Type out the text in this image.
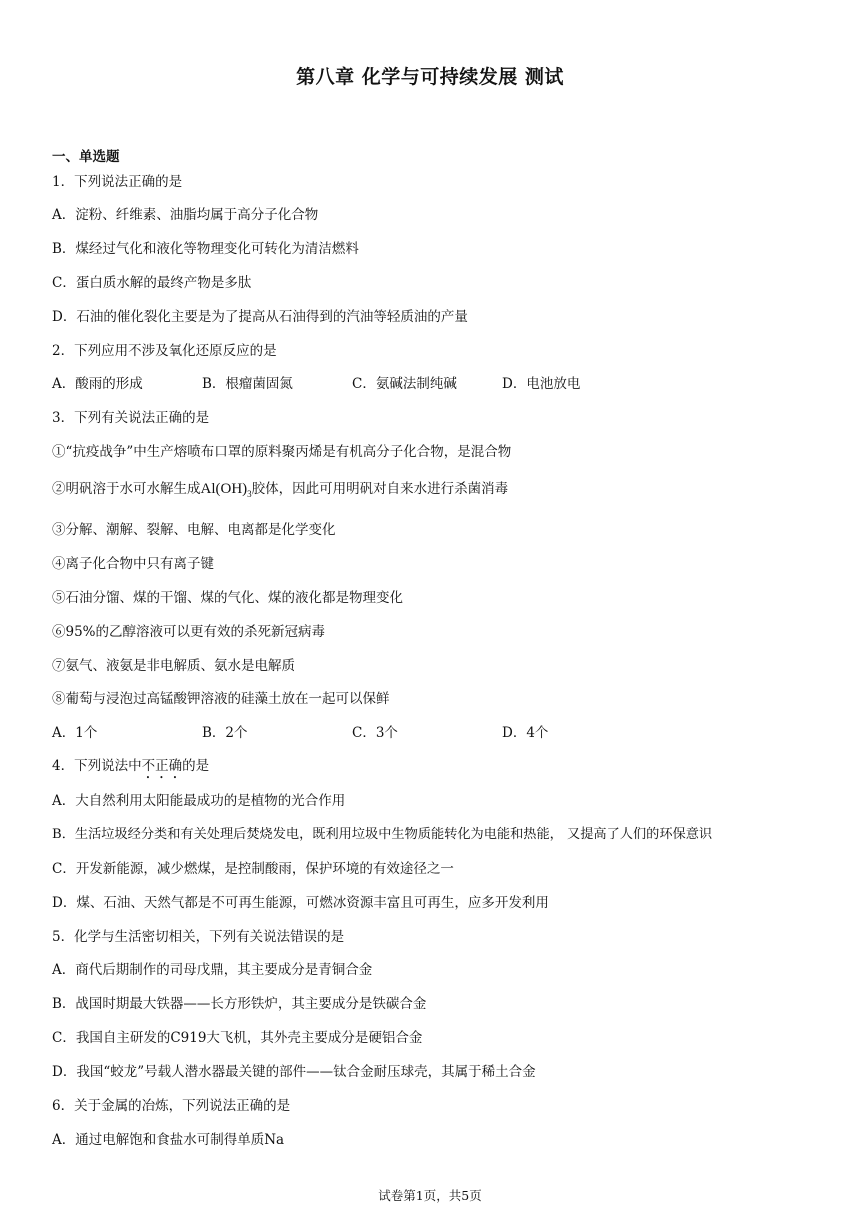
第八章 化学与可持续发展 测试
一、单选题
1．下列说法正确的是
A．淀粉、纤维素、油脂均属于高分子化合物
B．煤经过气化和液化等物理变化可转化为清洁燃料
C．蛋白质水解的最终产物是多肽
D．石油的催化裂化主要是为了提高从石油得到的汽油等轻质油的产量
2．下列应用不涉及氧化还原反应的是
A．酸雨的形成	B．根瘤菌固氮	C．氨碱法制纯碱	D．电池放电
3．下列有关说法正确的是
①“抗疫战争”中生产熔喷布口罩的原料聚丙烯是有机高分子化合物，是混合物
②明矾溶于水可水解生成$Al(OH)_3$胶体，因此可用明矾对自来水进行杀菌消毒
③分解、潮解、裂解、电解、电离都是化学变化
④离子化合物中只有离子键
⑤石油分馏、煤的干馏、煤的气化、煤的液化都是物理变化
⑥95%的乙醇溶液可以更有效的杀死新冠病毒
⑦氨气、液氨是非电解质、氨水是电解质
⑧葡萄与浸泡过高锰酸钾溶液的硅藻土放在一起可以保鲜
A．1个	B．2个	C．3个	D．4个
4．下列说法中不正确的是
A．大自然利用太阳能最成功的是植物的光合作用
B．生活垃圾经分类和有关处理后焚烧发电，既利用垃圾中生物质能转化为电能和热能， 又提高了人们的环保意识
C．开发新能源，减少燃煤，是控制酸雨，保护环境的有效途径之一
D．煤、石油、天然气都是不可再生能源，可燃冰资源丰富且可再生，应多开发利用
5．化学与生活密切相关，下列有关说法错误的是
A．商代后期制作的司母戊鼎，其主要成分是青铜合金
B．战国时期最大铁器——长方形铁炉，其主要成分是铁碳合金
C．我国自主研发的C919大飞机，其外壳主要成分是硬铝合金
D．我国“蛟龙”号载人潜水器最关键的部件——钛合金耐压球壳，其属于稀土合金
6．关于金属的冶炼，下列说法正确的是
A．通过电解饱和食盐水可制得单质Na
试卷第1页，共5页
